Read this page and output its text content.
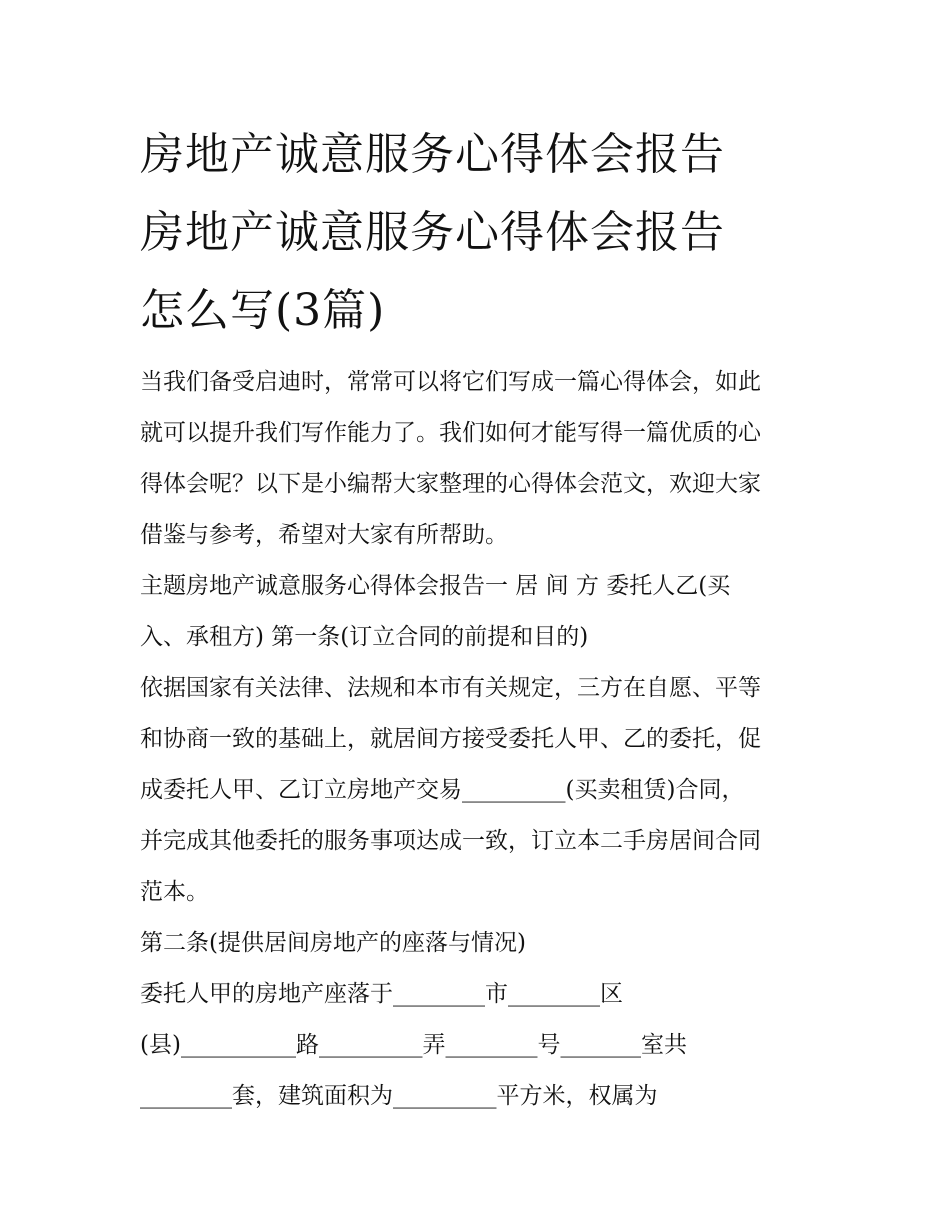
房地产诚意服务心得体会报告
房地产诚意服务心得体会报告
怎么写(3篇)
当我们备受启迪时，常常可以将它们写成一篇心得体会，如此
就可以提升我们写作能力了。我们如何才能写得一篇优质的心
得体会呢？以下是小编帮大家整理的心得体会范文，欢迎大家
借鉴与参考，希望对大家有所帮助。
主题房地产诚意服务心得体会报告一 居 间 方 委托人乙(买
入、承租方) 第一条(订立合同的前提和目的)
依据国家有关法律、法规和本市有关规定，三方在自愿、平等
和协商一致的基础上，就居间方接受委托人甲、乙的委托，促
成委托人甲、乙订立房地产交易_________(买卖租赁)合同，
并完成其他委托的服务事项达成一致，订立本二手房居间合同
范本。
第二条(提供居间房地产的座落与情况)
委托人甲的房地产座落于________市________区
(县)__________路_________弄________号_______室共
________套，建筑面积为_________平方米，权属为
